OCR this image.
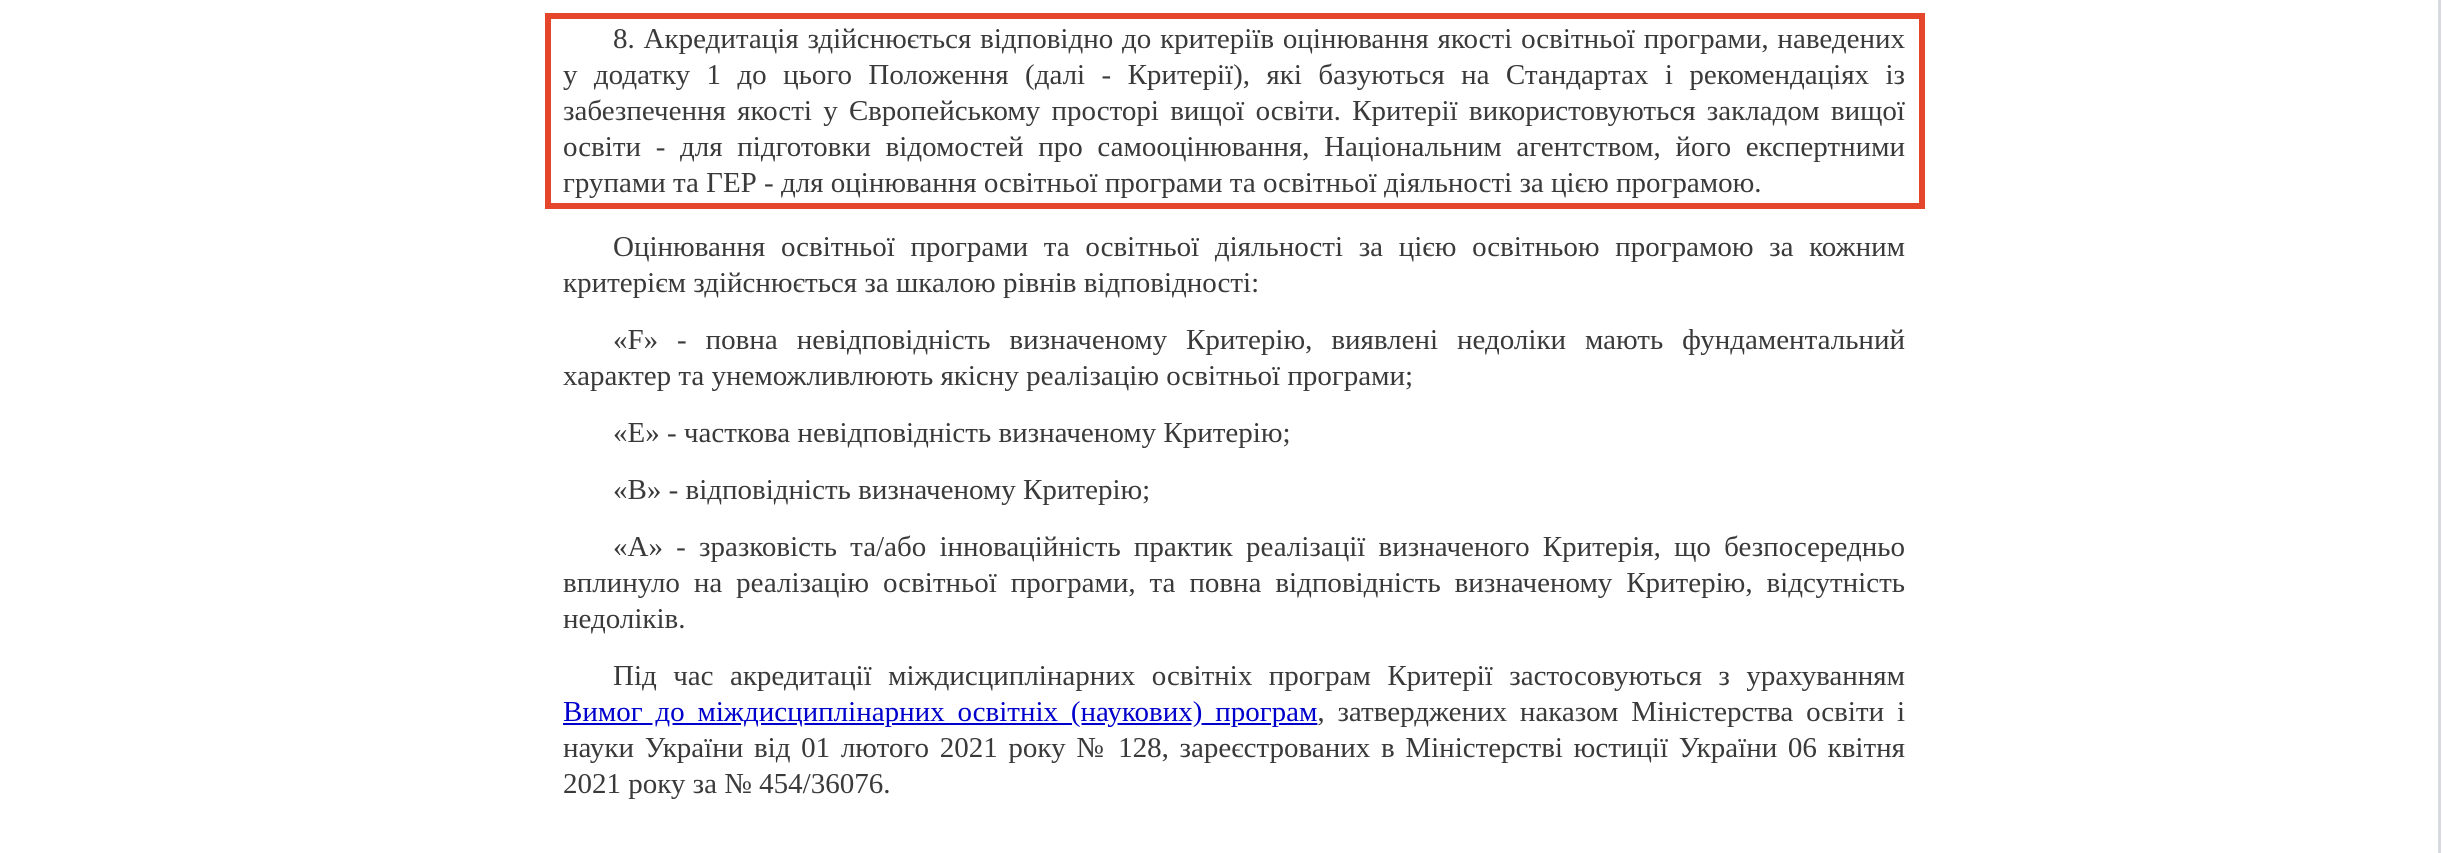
8. Акредитація здійснюється відповідно до критеріїв оцінювання якості освітньої програми, наведених у додатку 1 до цього Положення (далі - Критерії), які базуються на Стандартах і рекомендаціях із забезпечення якості у Європейському просторі вищої освіти. Критерії використовуються закладом вищої освіти - для підготовки відомостей про самооцінювання, Національним агентством, його експертними групами та ГЕР - для оцінювання освітньої програми та освітньої діяльності за цією програмою.

Оцінювання освітньої програми та освітньої діяльності за цією освітньою програмою за кожним критерієм здійснюється за шкалою рівнів відповідності:

«F» - повна невідповідність визначеному Критерію, виявлені недоліки мають фундаментальний характер та унеможливлюють якісну реалізацію освітньої програми;

«Е» - часткова невідповідність визначеному Критерію;

«В» - відповідність визначеному Критерію;

«А» - зразковість та/або інноваційність практик реалізації визначеного Критерія, що безпосередньо вплинуло на реалізацію освітньої програми, та повна відповідність визначеному Критерію, відсутність недоліків.

Під час акредитації міждисциплінарних освітніх програм Критерії застосовуються з урахуванням Вимог до міждисциплінарних освітніх (наукових) програм, затверджених наказом Міністерства освіти і науки України від 01 лютого 2021 року № 128, зареєстрованих в Міністерстві юстиції України 06 квітня 2021 року за № 454/36076.
